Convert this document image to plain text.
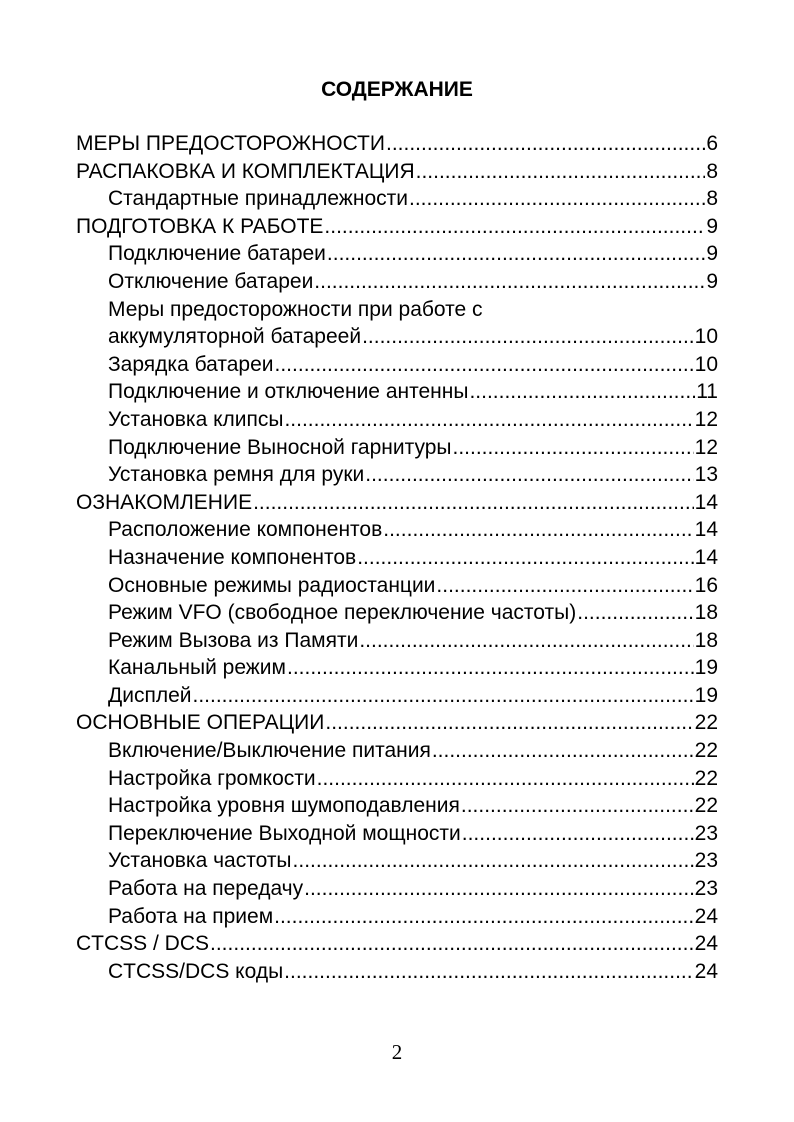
СОДЕРЖАНИЕ
МЕРЫ ПРЕДОСТОРОЖНОСТИ .....	6
РАСПАКОВКА И КОМПЛЕКТАЦИЯ .....	8
Стандартные принадлежности .....	8
ПОДГОТОВКА К РАБОТЕ .....	9
Подключение батареи .....	9
Отключение батареи .....	9
Меры предосторожности при работе с
аккумуляторной батареей .....	10
Зарядка батареи .....	10
Подключение и отключение антенны .....	11
Установка клипсы .....	12
Подключение Выносной гарнитуры .....	12
Установка ремня для руки .....	13
ОЗНАКОМЛЕНИЕ .....	14
Расположение компонентов .....	14
Назначение компонентов .....	14
Основные режимы радиостанции .....	16
Режим VFO (свободное переключение частоты) .....	18
Режим Вызова из Памяти .....	18
Канальный режим .....	19
Дисплей .....	19
ОСНОВНЫЕ ОПЕРАЦИИ .....	22
Включение/Выключение питания .....	22
Настройка громкости .....	22
Настройка уровня шумоподавления .....	22
Переключение Выходной мощности .....	23
Установка частоты .....	23
Работа на передачу .....	23
Работа на прием .....	24
CTCSS / DCS .....	24
CTCSS/DCS коды .....	24
2
